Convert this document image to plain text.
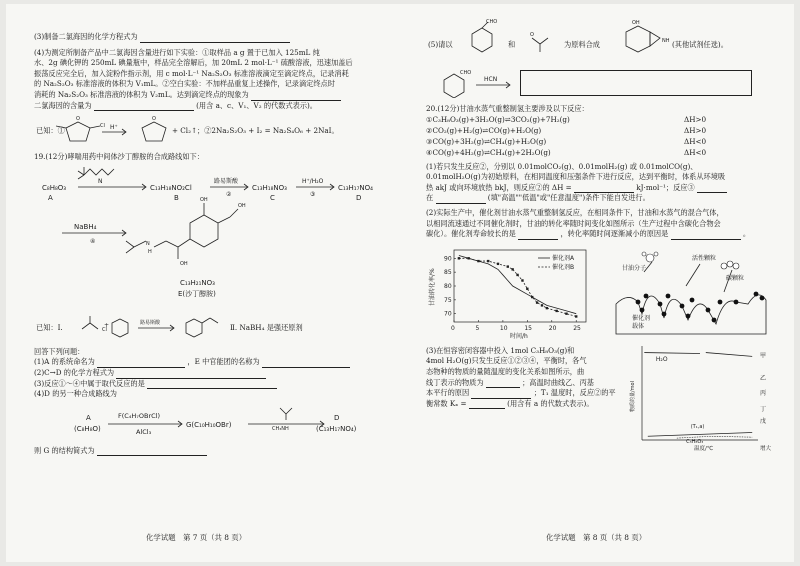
(3)制备二氯海因的化学方程式为
(4)为测定所制备产品中二氯海因含量进行如下实验：①取样品 a g 置于已加入 125mL 纯
水、2g 碘化钾的 250mL 碘量瓶中，样品完全溶解后，加 20mL 2 mol·L⁻¹ 硫酸溶液，迅速加盖后
振荡反应完全后，加入淀粉作指示剂，用 c mol·L⁻¹ Na₂S₂O₃ 标准溶液滴定至滴定终点，记录消耗
的 Na₂S₂O₃ 标准溶液的体积为 V₁mL。②空白实验：不加样品重复上述操作，记录滴定终点时
消耗的 Na₂S₂O₃ 标准溶液的体积为 V₂mL。达到滴定终点的现象为
二氯海因的含量为	(用含 a、c、V₁、V₂ 的代数式表示)。
已知：①	H⁺
O
Cl
O
+ Cl₂↑；②2Na₂S₂O₃ + I₂ = Na₂S₄O₆ + 2NaI。
19.(12分)哮喘用药中间体沙丁醇胺的合成路线如下：
N
C₈H₈O₃
A
C₁₃H₁₈NO₂Cl
B
路易斯酸
②
C₁₃H₁₈NO₃
C
H⁺/H₂O
③
C₁₃H₁₇NO₄
D
NaBH₄
④
OH
OH
N
H
OH
C₁₃H₂₁NO₃
E(沙丁醇胺)
已知：Ⅰ.	Cl
+	路易斯酸	Ⅱ. NaBH₄ 是强还原剂
回答下列问题：
(1)A 的系统命名为	，E 中官能团的名称为
(2)C→D 的化学方程式为
(3)反应①～④中属于取代反应的是
(4)D 的另一种合成路线为
A
(C₈H₈O)
F(C₄H₇OBrCl)
AlCl₃
G(C₁₀H₁₀OBr)
D
(C₁₃H₁₇NO₄)
CH₃NH
则 G 的结构简式为
化学试题　第 7 页（共 8 页）
(5)请以	和	为原料合成	(其他试剂任选)。
CHO
O
OH
NH
CHO
HCN
20.(12分)甘油水蒸气重整制氢主要涉及以下反应：
①C₃H₈O₃(g)+3H₂O(g)⇌3CO₂(g)+7H₂(g)	ΔH>0
②CO₂(g)+H₂(g)⇌CO(g)+H₂O(g)	ΔH>0
③CO(g)+3H₂(g)⇌CH₄(g)+H₂O(g)	ΔH<0
④CO(g)+4H₂(g)⇌CH₄(g)+2H₂O(g)	ΔH<0
(1)若只发生反应②，分别以 0.01molCO₂(g)、0.01molH₂(g) 或 0.01molCO(g)、
0.01molH₂O(g)为初始原料，在相同温度和压强条件下进行反应，达到平衡时，体系从环境吸
热 akJ 或向环境放热 bkJ，则反应②的 ΔH =	kJ·mol⁻¹；反应③
在	(填"高温""低温"或"任意温度")条件下能自发进行。
(2)实际生产中，催化剂甘油水蒸气重整制氢反应，在相同条件下，甘油和水蒸气的混合气体，
以相同流速通过不同催化剂时，甘油的转化率随时间变化如图所示（生产过程中含碳化合物会
碳化）。催化剂寿命较长的是	，转化率随时间逐渐减小的原因是	。
0	5	10	15	20	25
70
75
80
85
90
时间/h
甘油转化率/%
催化剂A
催化剂B	甘油分子
活性颗粒
碳颗粒
催化剂
载体
(3)在恒容密闭容器中投入 1mol C₃H₈O₃(g)和
4mol H₂O(g)只发生反应①②③④，平衡时，各气
态物种的物质的量随温度的变化关系如图所示，曲
线丁表示的物质为	；高温时曲线乙、丙基
本平行的原因	；T₁ 温度时，反应②的平
衡常数 Kₓ =	(用含有 a 的代数式表示)。	物质的量/mol
温度/℃	增大
甲
乙
丙
丁
戊
H₂O
(T₁,a)
C₃H₈O₃
化学试题　第 8 页（共 8 页）
